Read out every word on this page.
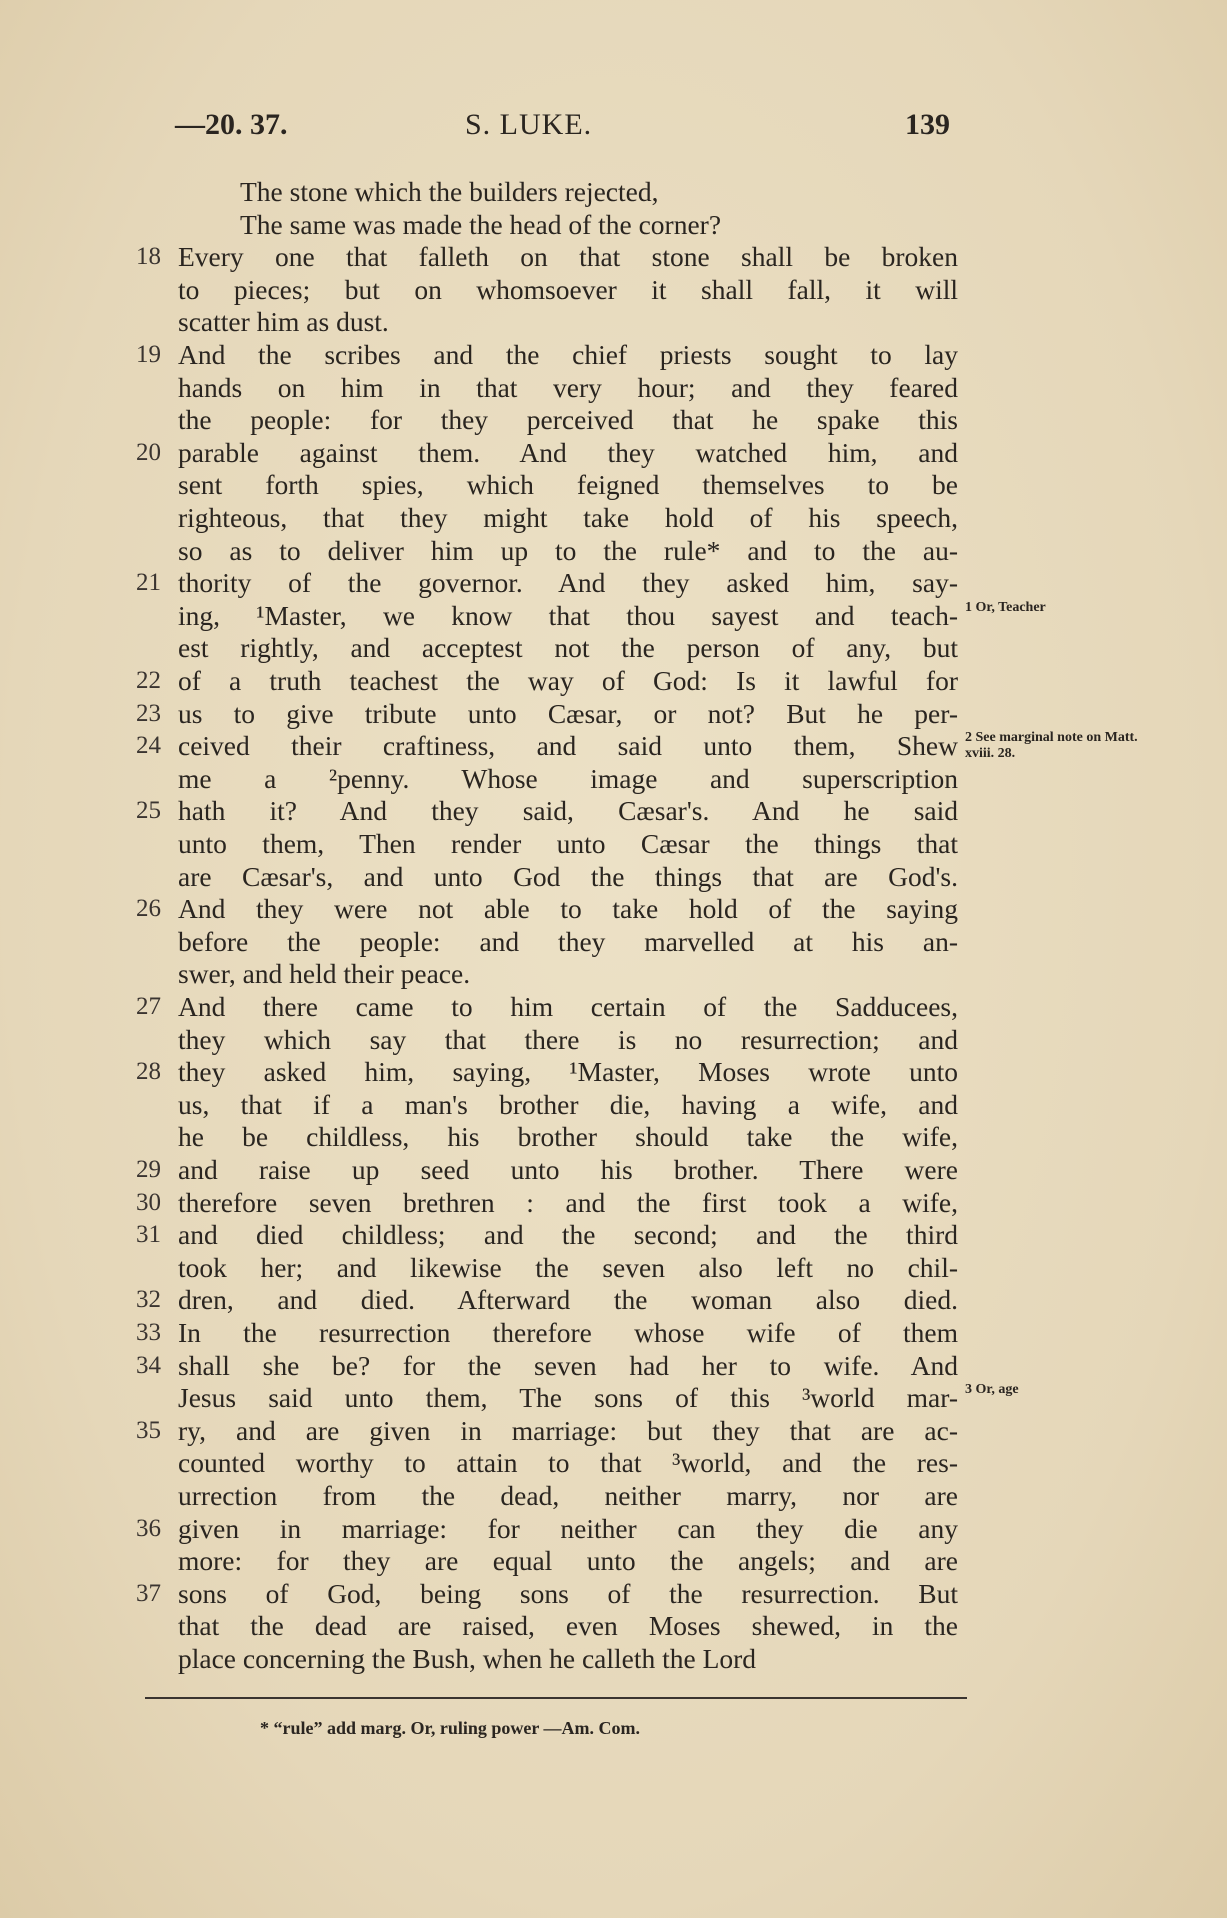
—20. 37.	S. LUKE.	139
The stone which the builders rejected,
The same was made the head of the corner?
18 Every one that falleth on that stone shall be broken
to pieces; but on whomsoever it shall fall, it will
scatter him as dust.
19 And the scribes and the chief priests sought to lay
hands on him in that very hour; and they feared
the people: for they perceived that he spake this
20 parable against them. And they watched him, and
sent forth spies, which feigned themselves to be
righteous, that they might take hold of his speech,
so as to deliver him up to the rule* and to the au-
21 thority of the governor. And they asked him, say-
ing, ¹Master, we know that thou sayest and teach- 1 Or, Teacher
est rightly, and acceptest not the person of any, but
22 of a truth teachest the way of God: Is it lawful for
23 us to give tribute unto Cæsar, or not? But he per-
24 ceived their craftiness, and said unto them, Shew 2 See marginal note on Matt. xviii. 28.
me a ²penny. Whose image and superscription
25 hath it? And they said, Cæsar's. And he said
unto them, Then render unto Cæsar the things that
are Cæsar's, and unto God the things that are God's.
26 And they were not able to take hold of the saying
before the people: and they marvelled at his an-
swer, and held their peace.
27 And there came to him certain of the Sadducees,
they which say that there is no resurrection; and
28 they asked him, saying, ¹Master, Moses wrote unto
us, that if a man's brother die, having a wife, and
he be childless, his brother should take the wife,
29 and raise up seed unto his brother. There were
30 therefore seven brethren : and the first took a wife,
31 and died childless; and the second; and the third
took her; and likewise the seven also left no chil-
32 dren, and died. Afterward the woman also died.
33 In the resurrection therefore whose wife of them
34 shall she be? for the seven had her to wife. And
Jesus said unto them, The sons of this ³world mar- 3 Or, age
35 ry, and are given in marriage: but they that are ac-
counted worthy to attain to that ³world, and the res-
urrection from the dead, neither marry, nor are
36 given in marriage: for neither can they die any
more: for they are equal unto the angels; and are
37 sons of God, being sons of the resurrection. But
that the dead are raised, even Moses shewed, in the
place concerning the Bush, when he calleth the Lord
* “rule” add marg. Or, ruling power —Am. Com.
